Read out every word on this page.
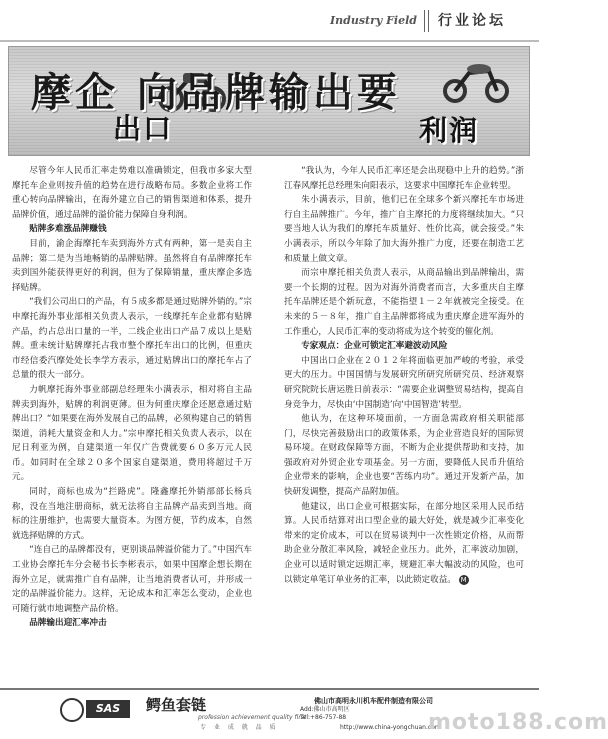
Industry Field 行业论坛
摩企 向品牌输出要
出口	利润

尽管今年人民币汇率走势难以准确锁定，但我市多家大型摩托车企业则按升值的趋势在进行战略布局。多数企业将工作重心转向品牌输出，在海外建立自己的销售渠道和体系，提升品牌价值，通过品牌的溢价能力保障自身利润。

贴牌多难涨品牌赚钱

目前，渝企海摩托车卖到海外方式有两种，第一是卖自主品牌；第二是为当地畅销的品牌贴牌。虽然将自有品牌摩托车卖到国外能获得更好的利润，但为了保障销量，重庆摩企多选择贴牌。

“我们公司出口的产品，有５成多都是通过贴牌外销的。”宗申摩托海外事业部相关负责人表示，一线摩托车企业都有贴牌产品，约占总出口量的一半，二线企业出口产品７成以上是贴牌。重未统计贴牌摩托占我市整个摩托车出口的比例，但重庆市经信委汽摩处处长李学方表示，通过贴牌出口的摩托车占了总量的很大一部分。

力帆摩托海外事业部副总经理朱小满表示，相对将自主品牌卖到海外，贴牌的利润更薄。但为何重庆摩企还愿意通过贴牌出口？“如果要在海外发展自己的品牌，必须构建自己的销售渠道，消耗大量资金和人力。”宗申摩托相关负责人表示，以在尼日利亚为例，自建渠道一年仅广告费就要６０多万元人民币。如同时在全球２０多个国家自建渠道，费用将超过千万元。

同时，商标也成为“拦路虎”。隆鑫摩托外销部部长杨兵称，没在当地注册商标，就无法将自主品牌产品卖到当地。商标的注册维护，也需要大量资本。为图方便，节约成本，自然就选择贴牌的方式。

“连自己的品牌都没有，更别谈品牌溢价能力了。”中国汽车工业协会摩托车分会秘书长李彬表示，如果中国摩企想长期在海外立足，就需推广自有品牌，让当地消费者认可，并形成一定的品牌溢价能力。这样，无论成本和汇率怎么变动，企业也可随行就市地调整产品价格。

品牌输出迎汇率冲击

“我认为，今年人民币汇率还是会出现稳中上升的趋势。”浙江春风摩托总经理朱向阳表示，这要求中国摩托车企业转型。

朱小满表示，目前，他们已在全球多个新兴摩托车市场进行自主品牌推广。今年，推广自主摩托的力度将继续加大。“只要当地人认为我们的摩托车质量好、性价比高，就会接受。”朱小满表示，所以今年除了加大海外推广力度，还要在制造工艺和质量上做文章。

而宗申摩托相关负责人表示，从商品输出到品牌输出，需要一个长期的过程。因为对海外消费者而言，大多重庆自主摩托车品牌还是个新玩意，不能指望１－２年就被完全接受。在未来的５－８年，推广自主品牌都将成为重庆摩企进军海外的工作重心，人民币汇率的变动将成为这个转变的催化剂。

专家观点：企业可锁定汇率避波动风险

中国出口企业在２０１２年将面临更加严峻的考验，承受更大的压力。中国国情与发展研究所研究所研究员、经济观察研究院院长唐运胜日前表示：“需要企业调整贸易结构，提高自身竞争力，尽快由‘中国制造’向‘中国智造’转型。

他认为，在这种环境面前，一方面急需政府相关职能部门，尽快完善鼓励出口的政策体系，为企业营造良好的国际贸易环境。在财政保障等方面，不断为企业提供帮助和支持，加强政府对外贸企业专项基金。另一方面，要降低人民币升值给企业带来的影响，企业也要“苦练内功”。通过开发新产品，加快研发调整，提高产品附加值。

他建议，出口企业可根据实际，在部分地区采用人民币结算。人民币结算对出口型企业的最大好处，就是减少汇率变化带来的定价成本，可以在贸易谈判中一次性锁定价格，从而帮助企业分散汇率风险，减轻企业压力。此外，汇率波动加剧，企业可以适时锁定远期汇率，规避汇率大幅波动的风险，也可以锁定单笔订单业务的汇率，以此锁定收益。 M

SAS	鳄鱼套链
profession achievement quality first
专 业 成 就 品 质
佛山市高明永川机车配件制造有限公司
Add:佛山市高明区
Tel:+86-757-88
http://www.china-yongchuan.com
moto188.com
